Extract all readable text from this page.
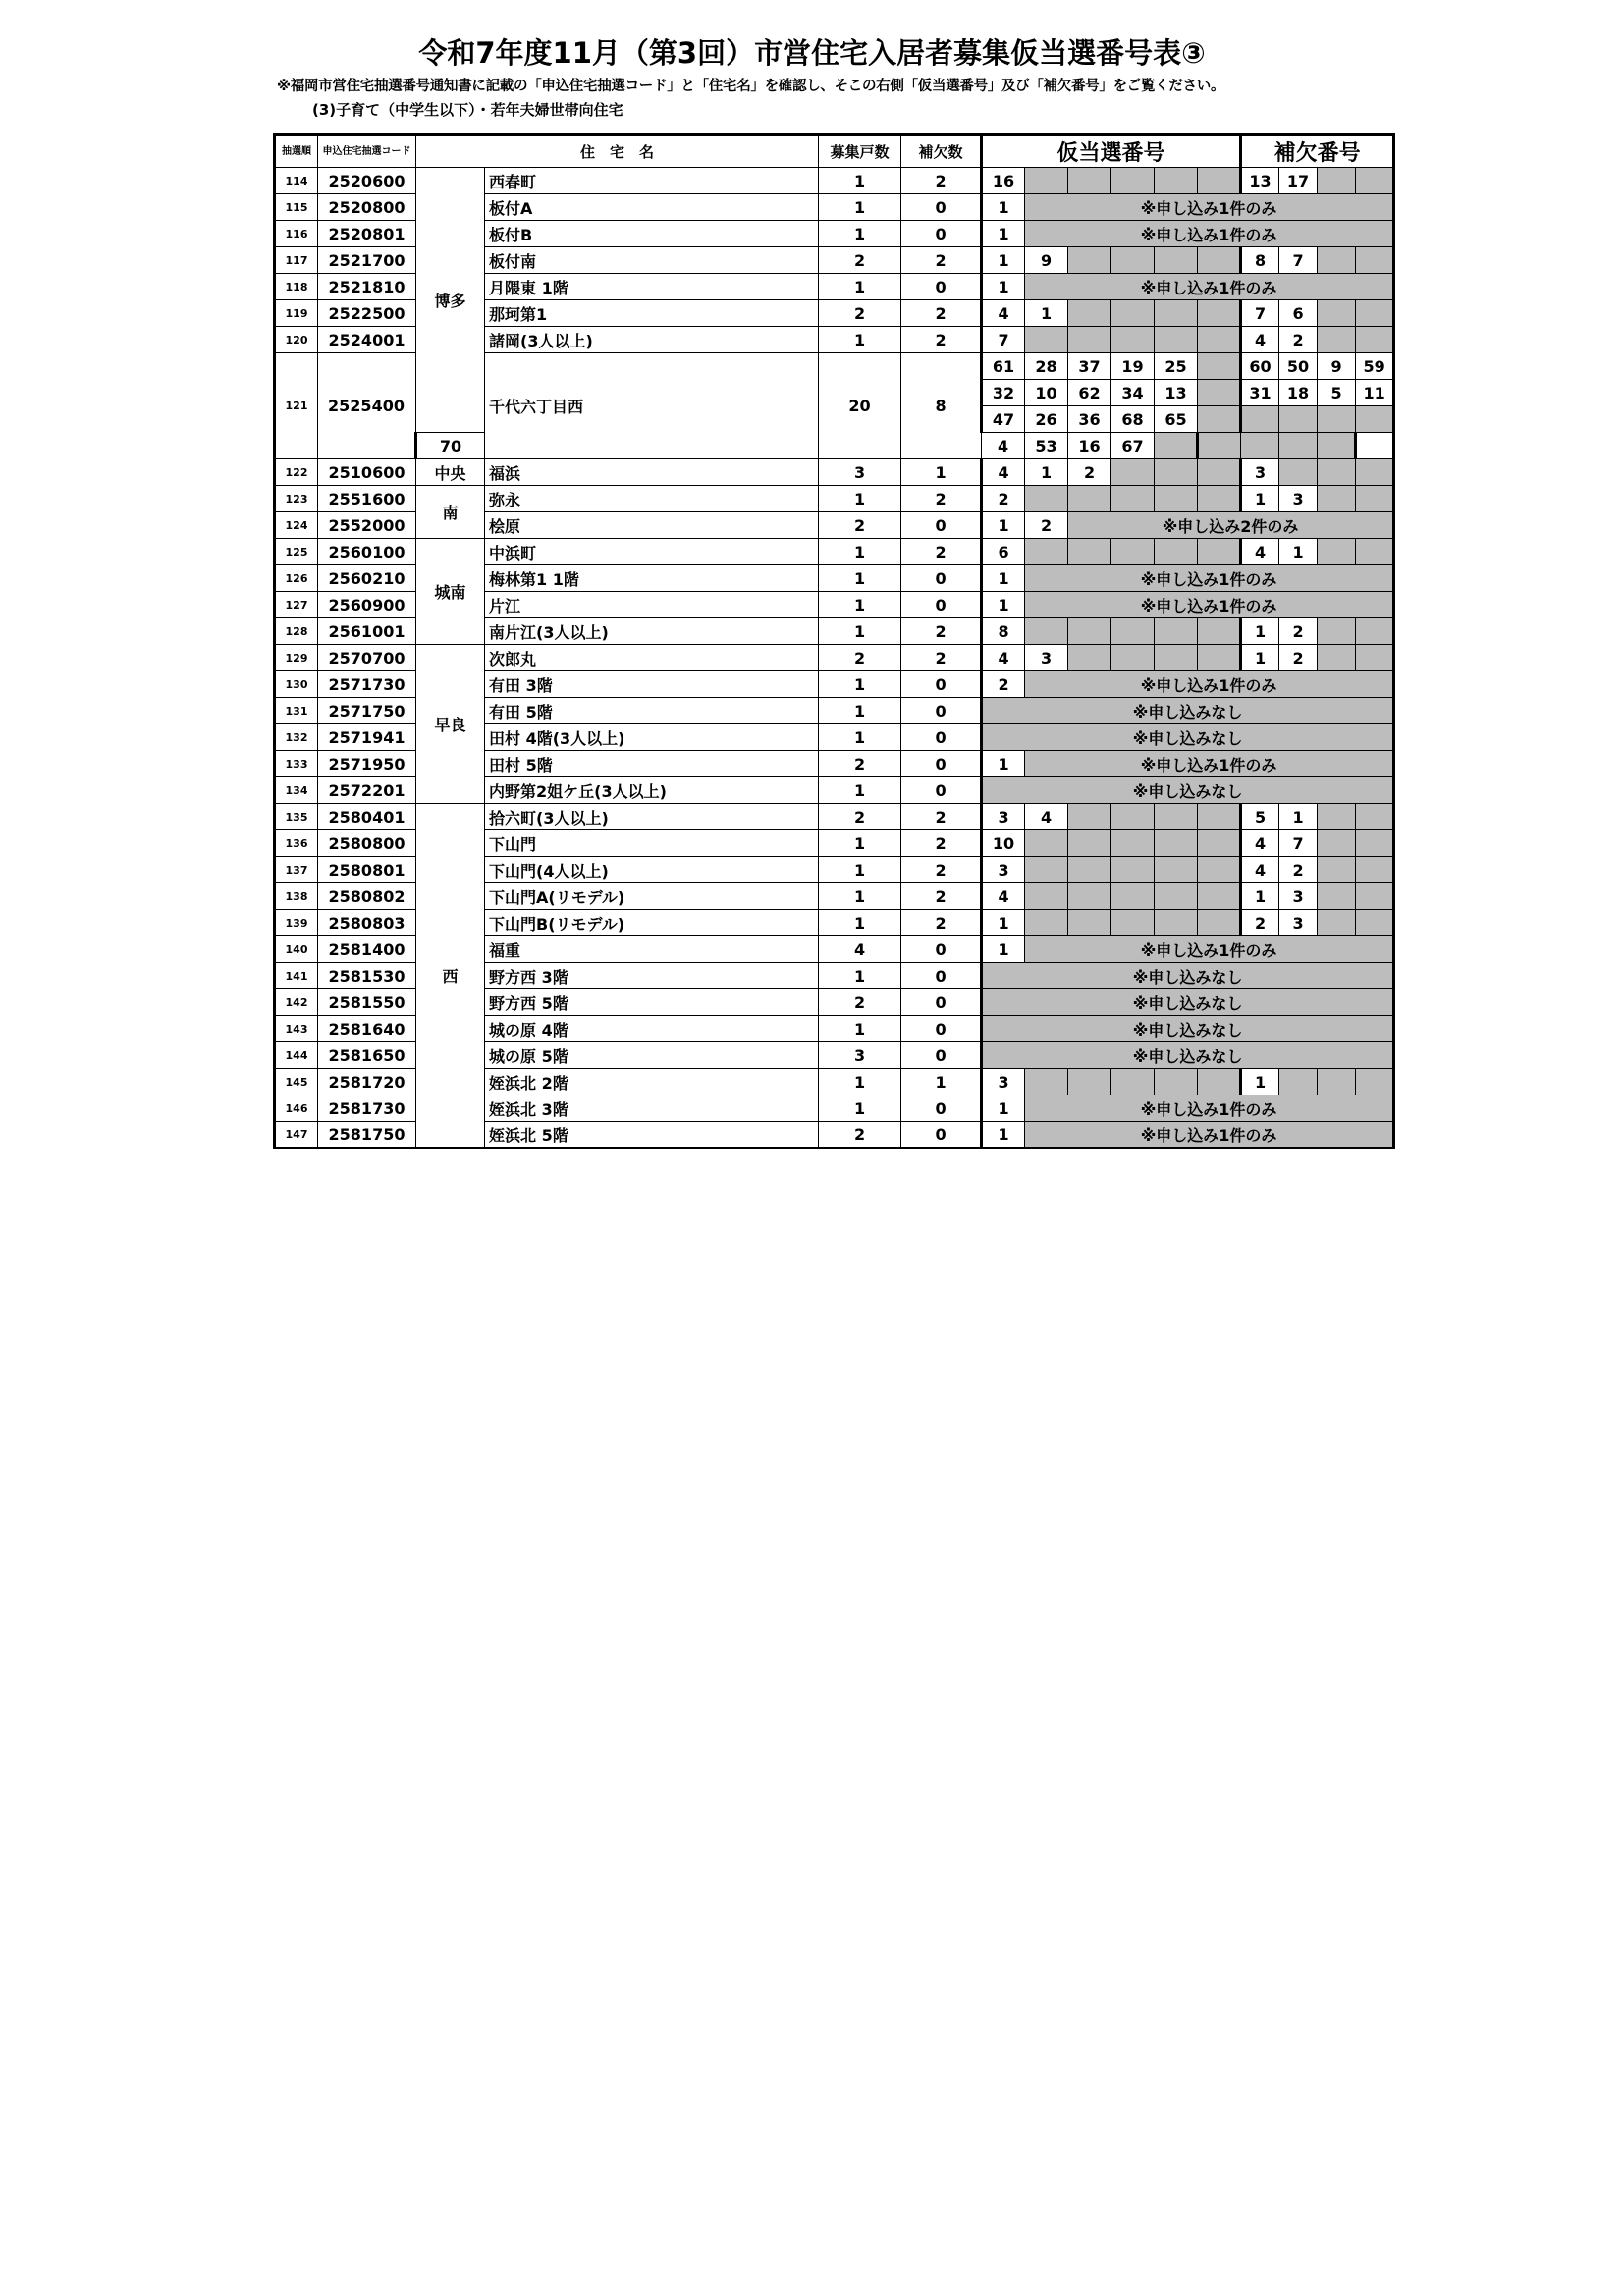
令和7年度11月（第3回）市営住宅入居者募集仮当選番号表③
※福岡市営住宅抽選番号通知書に記載の「申込住宅抽選コード」と「住宅名」を確認し、そこの右側「仮当選番号」及び「補欠番号」をご覧ください。
(3)子育て（中学生以下）・若年夫婦世帯向住宅
抽選順	申込住宅抽選コード	住　宅　名		募集戸数	補欠数	仮当選番号						補欠番号			
114	2520600	博多	西春町	1	2	16						13	17		
115	2520800		板付A	1	0	1	※申し込み1件のみ								
116	2520801		板付B	1	0	1	※申し込み1件のみ								
117	2521700		板付南	2	2	1	9					8	7		
118	2521810		月隈東 1階	1	0	1	※申し込み1件のみ								
119	2522500		那珂第1	2	2	4	1					7	6		
120	2524001		諸岡(3人以上)	1	2	7						4	2		
121	2525400		千代六丁目西	20	8	61	28	37	19	25		60	50	9	59
						32	10	62	34	13		31	18	5	11
						47	26	36	68	65					
		70				4	53	16	67						
122	2510600	中央	福浜	3	1	4	1	2				3			
123	2551600	南	弥永	1	2	2						1	3		
124	2552000		桧原	2	0	1	2	※申し込み2件のみ							
125	2560100	城南	中浜町	1	2	6						4	1		
126	2560210		梅林第1 1階	1	0	1	※申し込み1件のみ								
127	2560900		片江	1	0	1	※申し込み1件のみ								
128	2561001		南片江(3人以上)	1	2	8						1	2		
129	2570700	早良	次郎丸	2	2	4	3					1	2		
130	2571730		有田 3階	1	0	2	※申し込み1件のみ								
131	2571750		有田 5階	1	0	※申し込みなし									
132	2571941		田村 4階(3人以上)	1	0	※申し込みなし									
133	2571950		田村 5階	2	0	1	※申し込み1件のみ								
134	2572201		内野第2姐ケ丘(3人以上)	1	0	※申し込みなし									
135	2580401	西	拾六町(3人以上)	2	2	3	4					5	1		
136	2580800		下山門	1	2	10						4	7		
137	2580801		下山門(4人以上)	1	2	3						4	2		
138	2580802		下山門A(リモデル)	1	2	4						1	3		
139	2580803		下山門B(リモデル)	1	2	1						2	3		
140	2581400		福重	4	0	1	※申し込み1件のみ								
141	2581530		野方西 3階	1	0	※申し込みなし									
142	2581550		野方西 5階	2	0	※申し込みなし									
143	2581640		城の原 4階	1	0	※申し込みなし									
144	2581650		城の原 5階	3	0	※申し込みなし									
145	2581720		姪浜北 2階	1	1	3						1			
146	2581730		姪浜北 3階	1	0	1	※申し込み1件のみ								
147	2581750		姪浜北 5階	2	0	1	※申し込み1件のみ								
